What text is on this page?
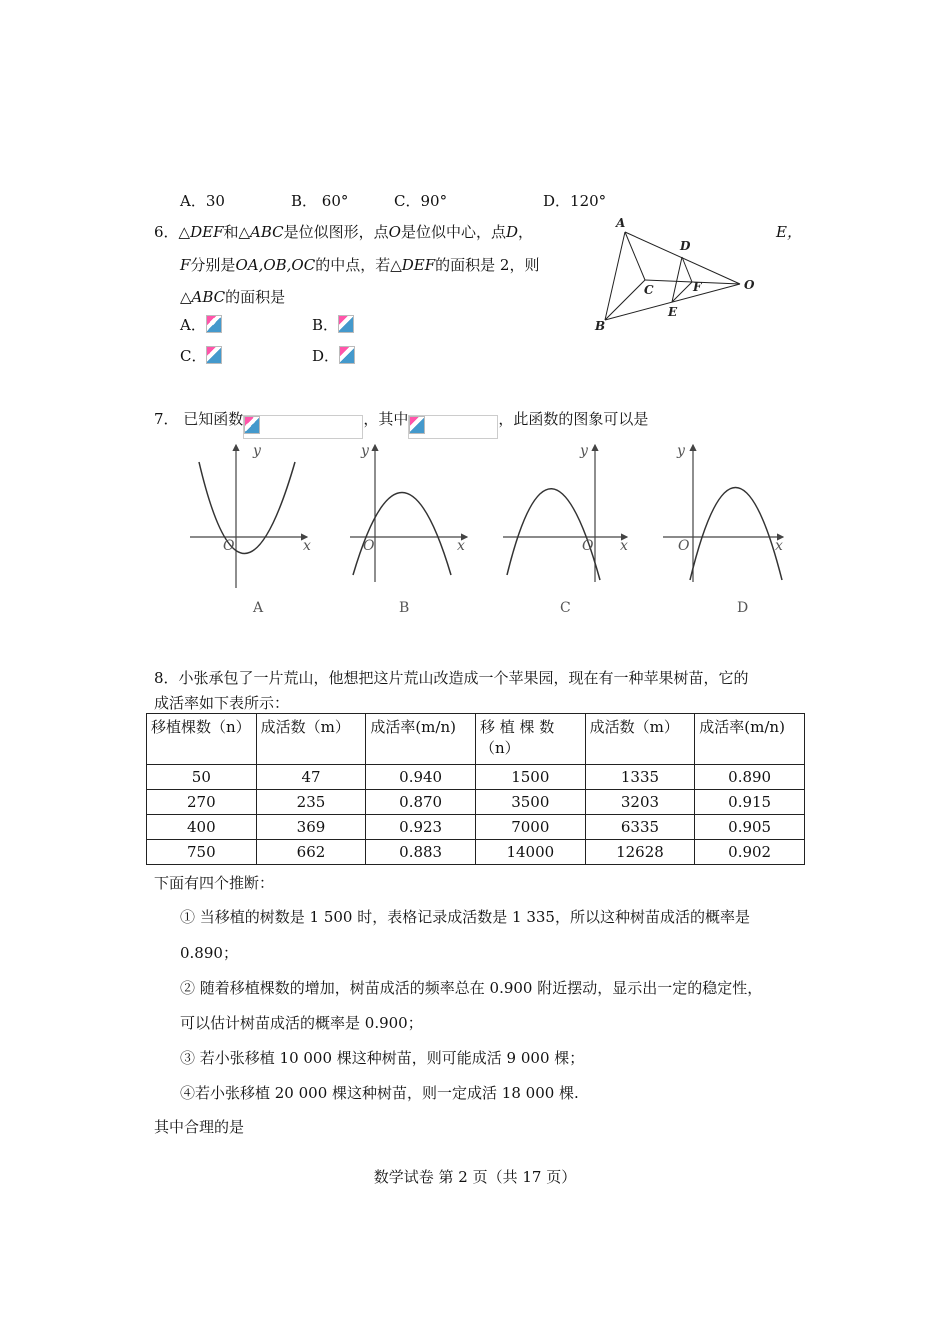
A．30	B． 60°	C．90°	D．120°
6．△DEF和△ABC是位似图形，点O是位似中心，点D，	E，
F分别是OA,OB,OC的中点，若△DEF的面积是 2，则
△ABC的面积是
A．	B．
C．	D．
A
B
C
D
E
F	O
7． 已知函数	，其中	，此函数的图象可以是
y
x
O
A
y
x
O
B
y
x
O
C
y
x
O
D
8．小张承包了一片荒山，他想把这片荒山改造成一个苹果园，现在有一种苹果树苗，它的
成活率如下表所示：
移植棵数（n）	成活数（m）	成活率(m/n)	移 植 棵 数（n）	成活数（m）	成活率(m/n)
50	47	0.940	1500	1335	0.890
270	235	0.870	3500	3203	0.915
400	369	0.923	7000	6335	0.905
750	662	0.883	14000	12628	0.902
下面有四个推断：
① 当移植的树数是 1 500 时，表格记录成活数是 1 335，所以这种树苗成活的概率是
0.890；
② 随着移植棵数的增加，树苗成活的频率总在 0.900 附近摆动，显示出一定的稳定性，
可以估计树苗成活的概率是 0.900；
③ 若小张移植 10 000 棵这种树苗，则可能成活 9 000 棵；
④若小张移植 20 000 棵这种树苗，则一定成活 18 000 棵.
其中合理的是
数学试卷 第 2 页（共 17 页）
